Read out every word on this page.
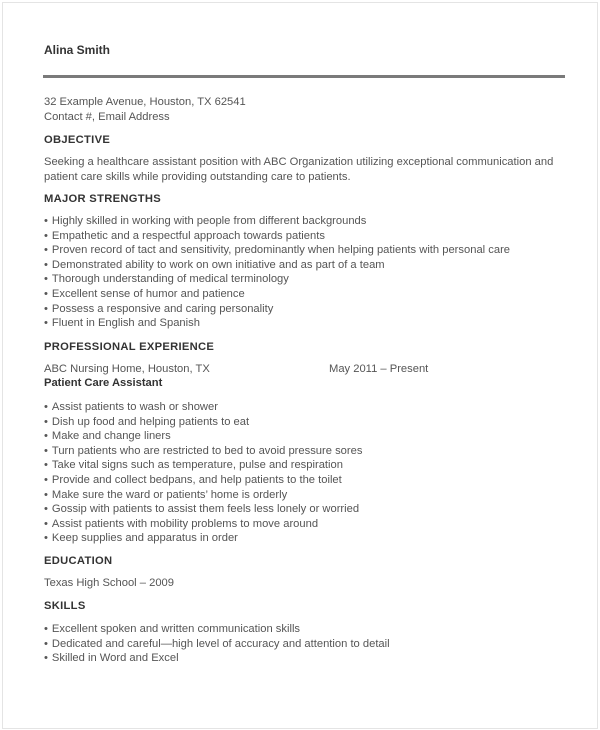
Alina Smith
32 Example Avenue, Houston, TX 62541
Contact #, Email Address
OBJECTIVE
Seeking a healthcare assistant position with ABC Organization utilizing exceptional communication and
patient care skills while providing outstanding care to patients.
MAJOR STRENGTHS
• Highly skilled in working with people from different backgrounds
• Empathetic and a respectful approach towards patients
• Proven record of tact and sensitivity, predominantly when helping patients with personal care
• Demonstrated ability to work on own initiative and as part of a team
• Thorough understanding of medical terminology
• Excellent sense of humor and patience
• Possess a responsive and caring personality
• Fluent in English and Spanish
PROFESSIONAL EXPERIENCE
ABC Nursing Home, Houston, TX	May 2011 – Present
Patient Care Assistant
• Assist patients to wash or shower
• Dish up food and helping patients to eat
• Make and change liners
• Turn patients who are restricted to bed to avoid pressure sores
• Take vital signs such as temperature, pulse and respiration
• Provide and collect bedpans, and help patients to the toilet
• Make sure the ward or patients’ home is orderly
• Gossip with patients to assist them feels less lonely or worried
• Assist patients with mobility problems to move around
• Keep supplies and apparatus in order
EDUCATION
Texas High School – 2009
SKILLS
• Excellent spoken and written communication skills
• Dedicated and careful—high level of accuracy and attention to detail
• Skilled in Word and Excel
